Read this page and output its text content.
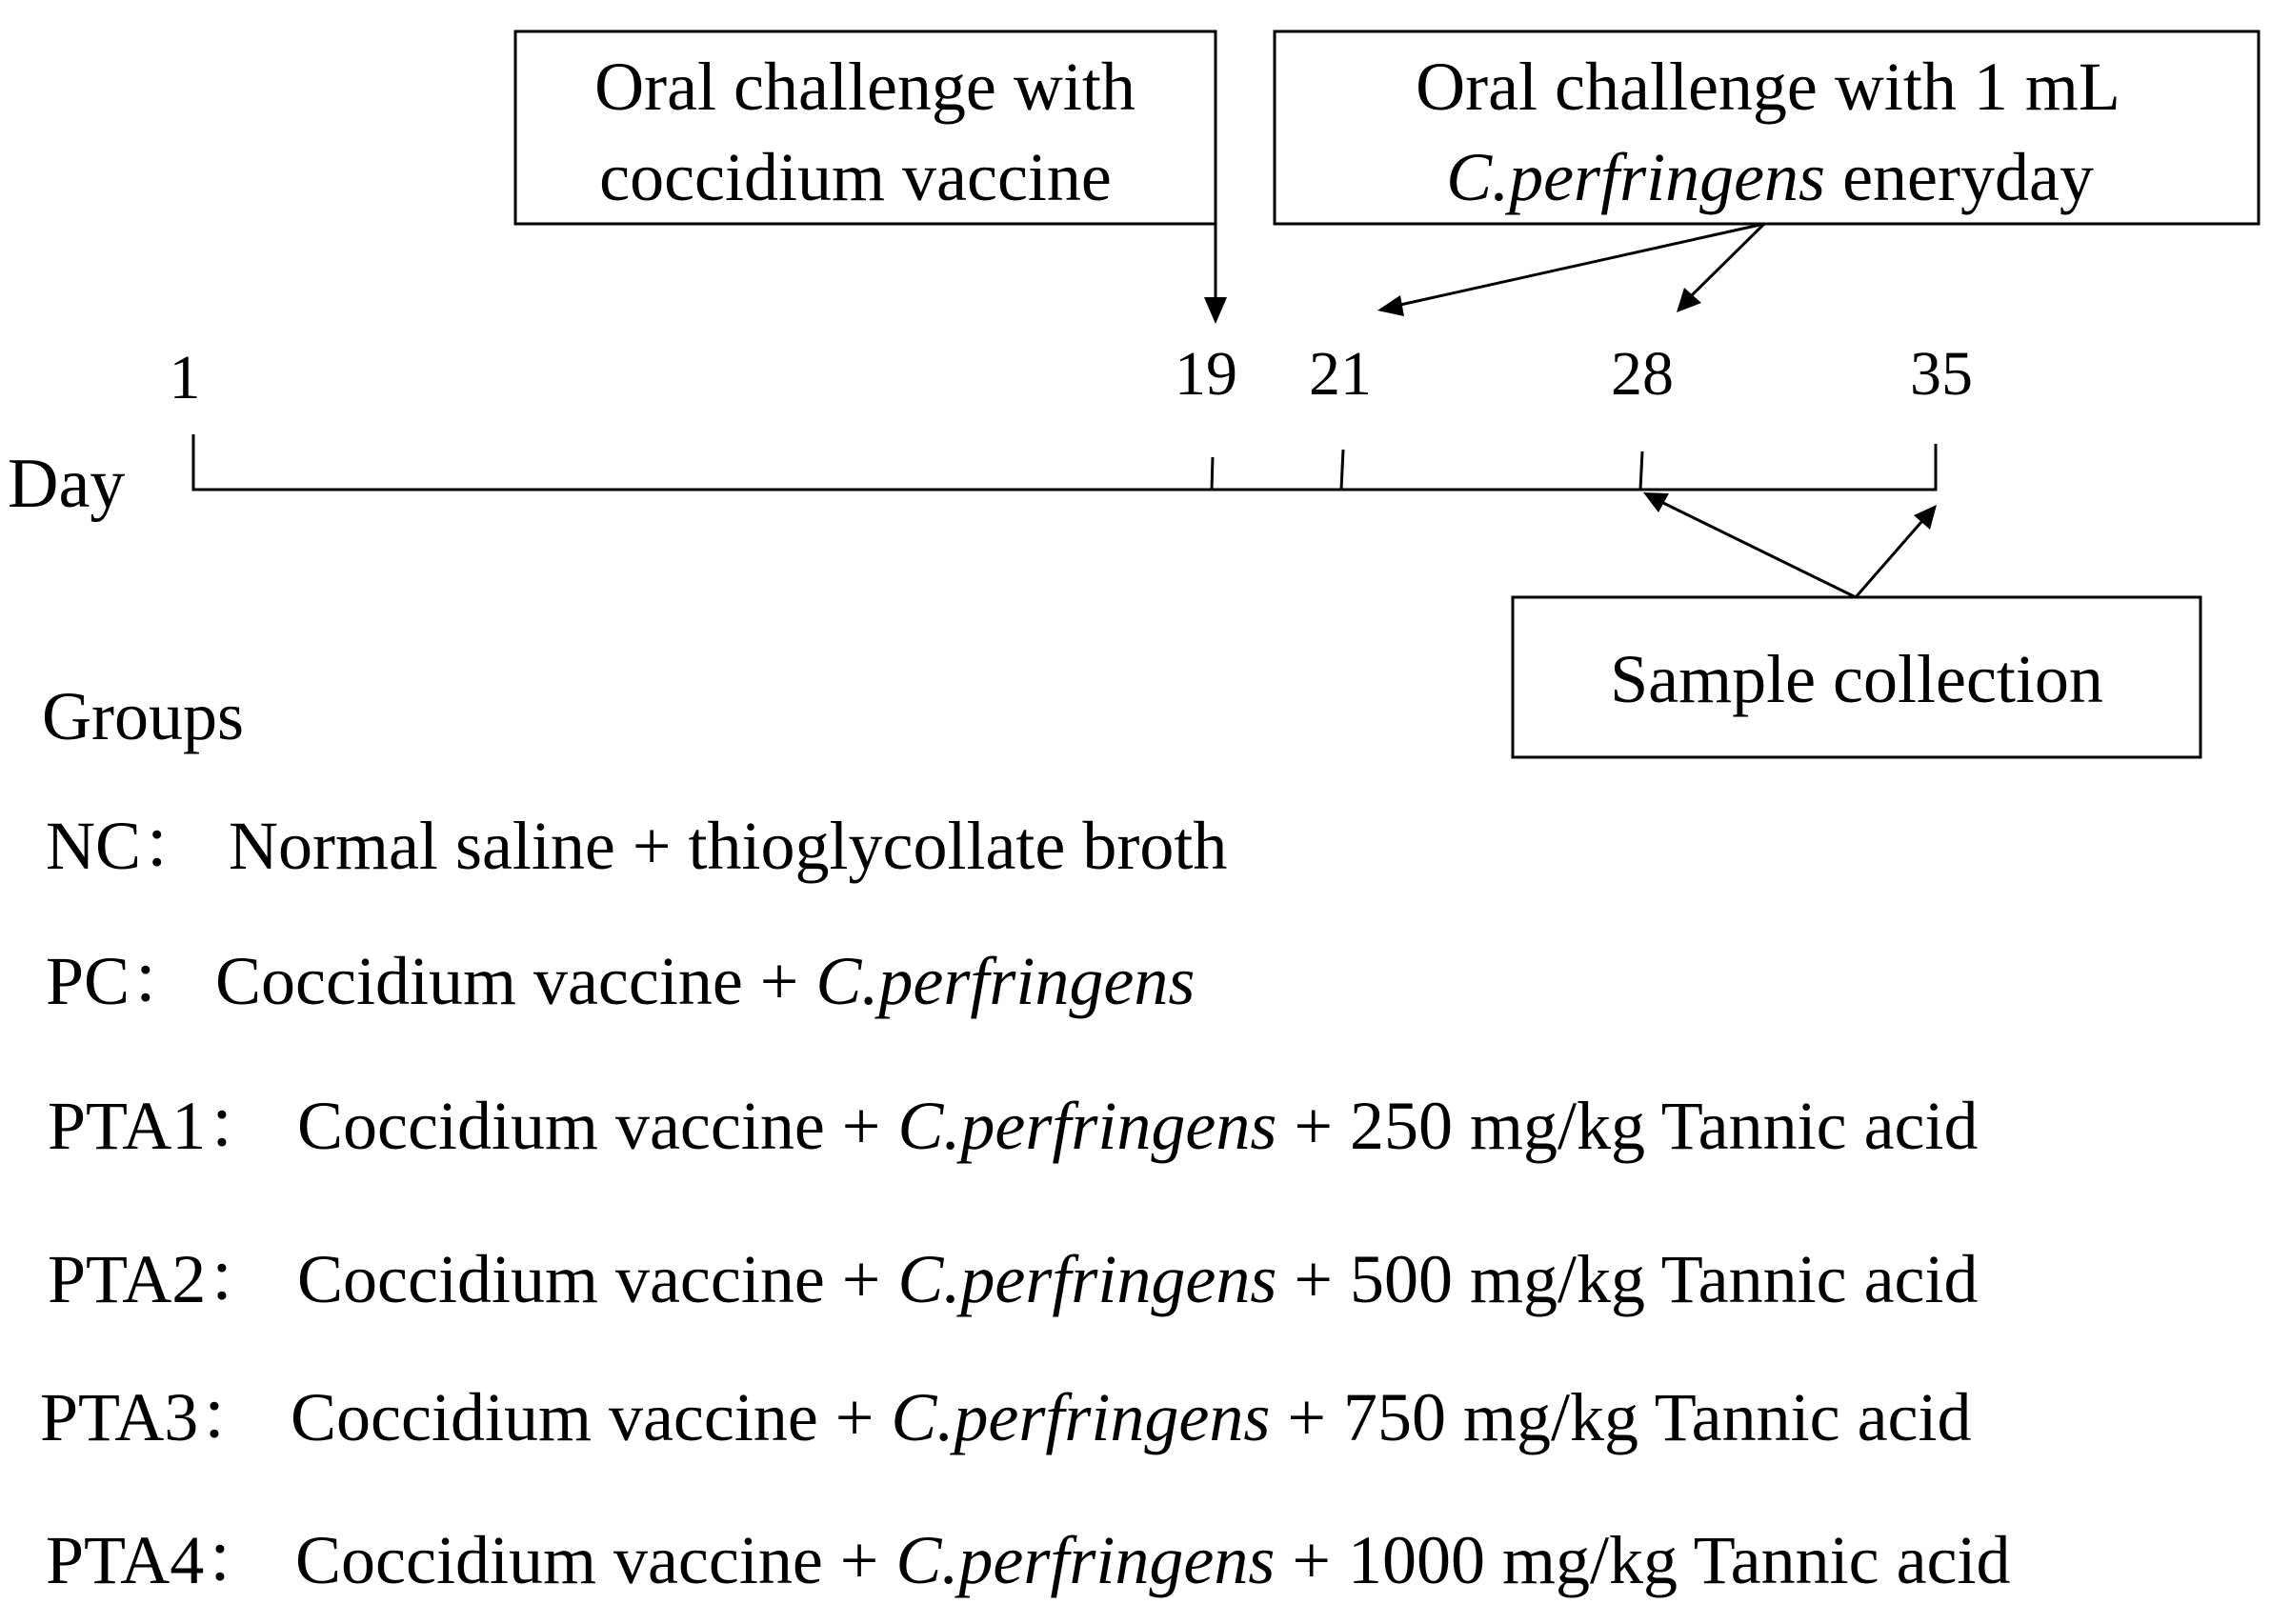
Oral challenge with
coccidium vaccine
Oral challenge with 1 mL
C.perfringens eneryday
Sample collection
Day
1	19 21	28	35
Groups
NC： Normal saline + thioglycollate broth
PC： Coccidium vaccine + C.perfringens
PTA1： Coccidium vaccine + C.perfringens + 250 mg/kg Tannic acid
PTA2： Coccidium vaccine + C.perfringens + 500 mg/kg Tannic acid
PTA3： Coccidium vaccine + C.perfringens + 750 mg/kg Tannic acid
PTA4： Coccidium vaccine + C.perfringens + 1000 mg/kg Tannic acid
